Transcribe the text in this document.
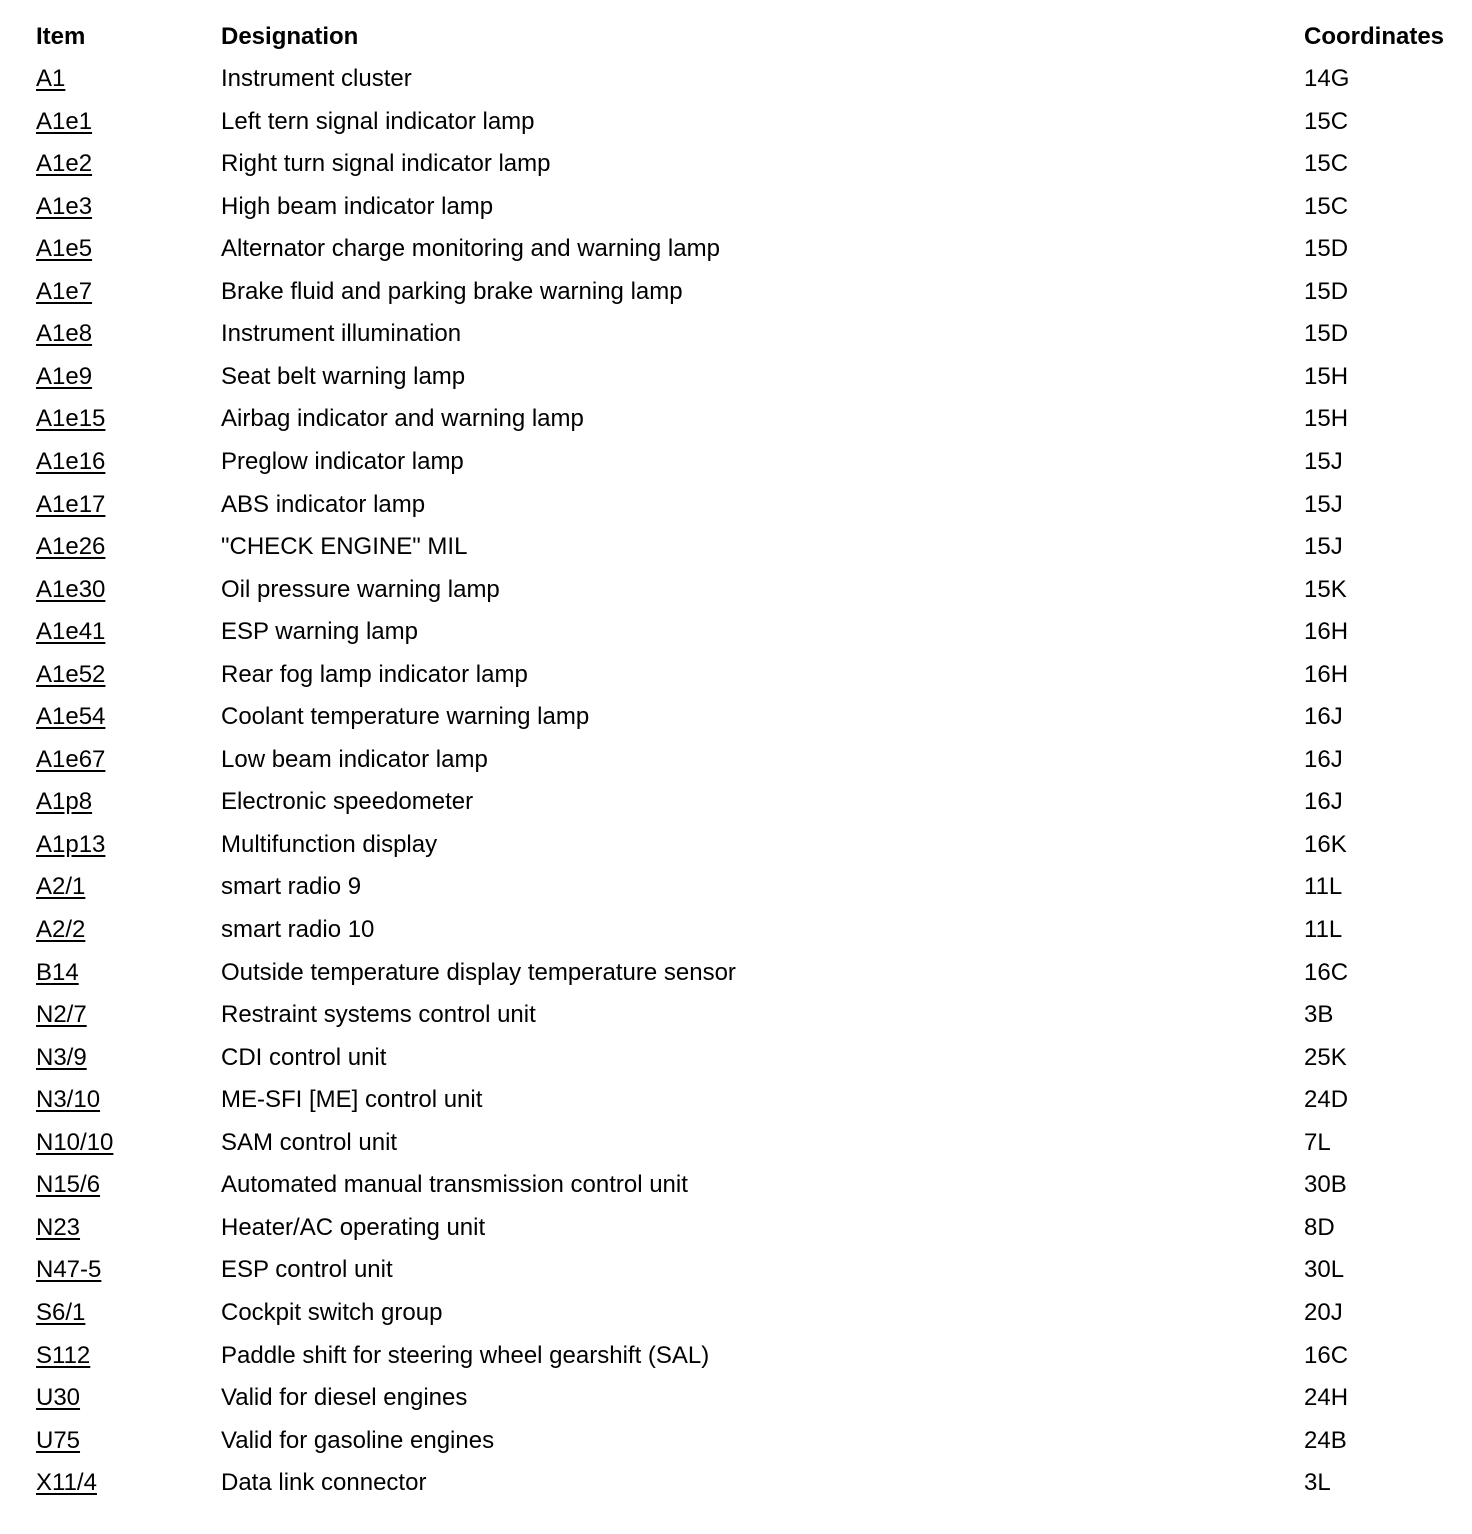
Item	Designation	Coordinates
A1	Instrument cluster	14G
A1e1	Left tern signal indicator lamp	15C
A1e2	Right turn signal indicator lamp	15C
A1e3	High beam indicator lamp	15C
A1e5	Alternator charge monitoring and warning lamp	15D
A1e7	Brake fluid and parking brake warning lamp	15D
A1e8	Instrument illumination	15D
A1e9	Seat belt warning lamp	15H
A1e15	Airbag indicator and warning lamp	15H
A1e16	Preglow indicator lamp	15J
A1e17	ABS indicator lamp	15J
A1e26	"CHECK ENGINE" MIL	15J
A1e30	Oil pressure warning lamp	15K
A1e41	ESP warning lamp	16H
A1e52	Rear fog lamp indicator lamp	16H
A1e54	Coolant temperature warning lamp	16J
A1e67	Low beam indicator lamp	16J
A1p8	Electronic speedometer	16J
A1p13	Multifunction display	16K
A2/1	smart radio 9	11L
A2/2	smart radio 10	11L
B14	Outside temperature display temperature sensor	16C
N2/7	Restraint systems control unit	3B
N3/9	CDI control unit	25K
N3/10	ME-SFI [ME] control unit	24D
N10/10	SAM control unit	7L
N15/6	Automated manual transmission control unit	30B
N23	Heater/AC operating unit	8D
N47-5	ESP control unit	30L
S6/1	Cockpit switch group	20J
S112	Paddle shift for steering wheel gearshift (SAL)	16C
U30	Valid for diesel engines	24H
U75	Valid for gasoline engines	24B
X11/4	Data link connector	3L
